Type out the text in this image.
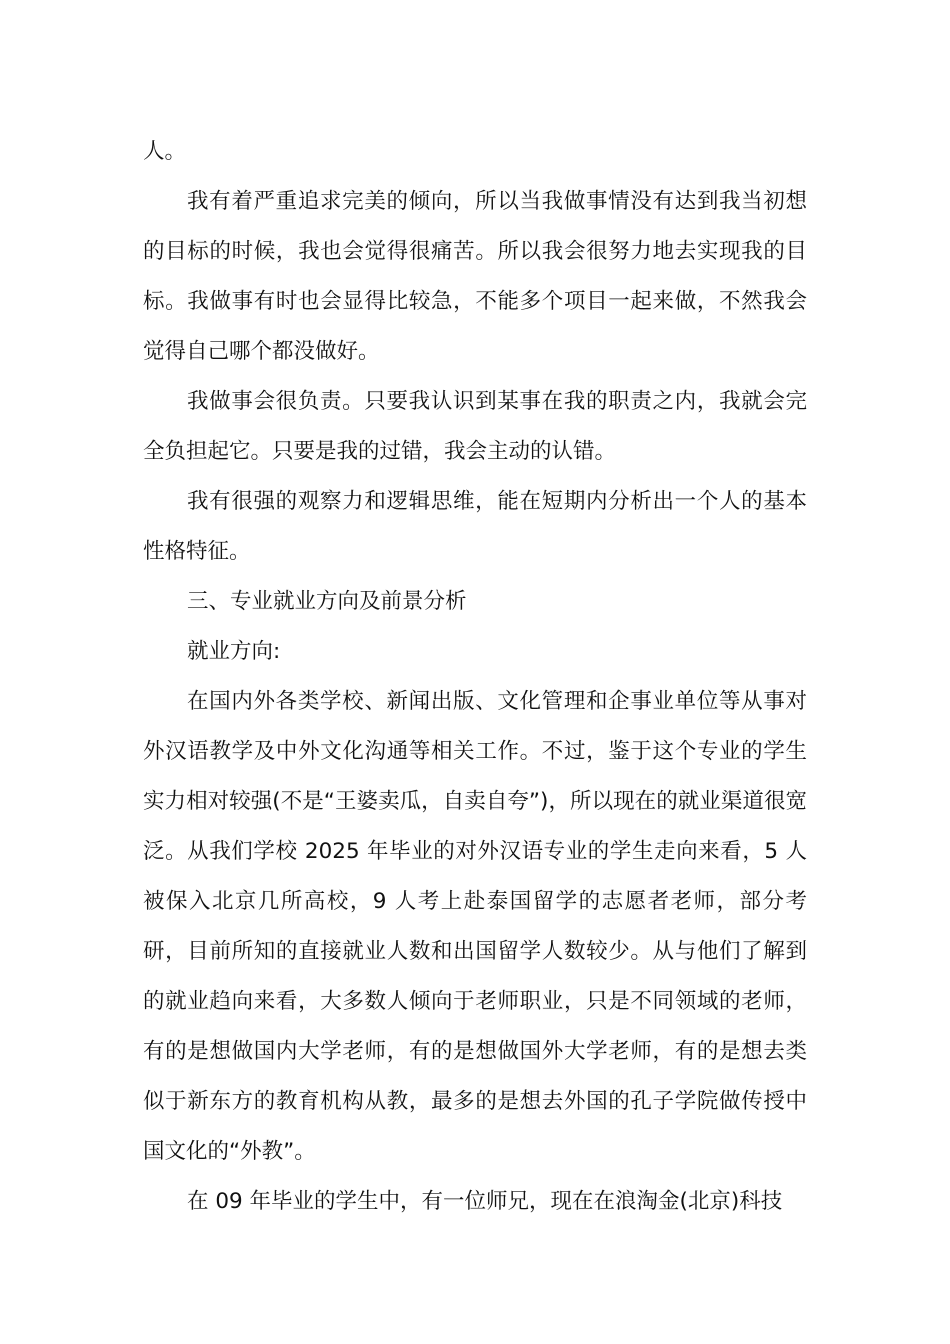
人。

我有着严重追求完美的倾向，所以当我做事情没有达到我当初想的目标的时候，我也会觉得很痛苦。所以我会很努力地去实现我的目标。我做事有时也会显得比较急，不能多个项目一起来做，不然我会觉得自己哪个都没做好。

我做事会很负责。只要我认识到某事在我的职责之内，我就会完全负担起它。只要是我的过错，我会主动的认错。

我有很强的观察力和逻辑思维，能在短期内分析出一个人的基本性格特征。

三、专业就业方向及前景分析

就业方向:

在国内外各类学校、新闻出版、文化管理和企事业单位等从事对外汉语教学及中外文化沟通等相关工作。不过，鉴于这个专业的学生实力相对较强(不是“王婆卖瓜，自卖自夸”)，所以现在的就业渠道很宽泛。从我们学校 2025 年毕业的对外汉语专业的学生走向来看，5 人被保入北京几所高校，9 人考上赴泰国留学的志愿者老师，部分考研，目前所知的直接就业人数和出国留学人数较少。从与他们了解到的就业趋向来看，大多数人倾向于老师职业，只是不同领域的老师，有的是想做国内大学老师，有的是想做国外大学老师，有的是想去类似于新东方的教育机构从教，最多的是想去外国的孔子学院做传授中国文化的“外教”。

在 09 年毕业的学生中，有一位师兄，现在在浪淘金(北京)科技
